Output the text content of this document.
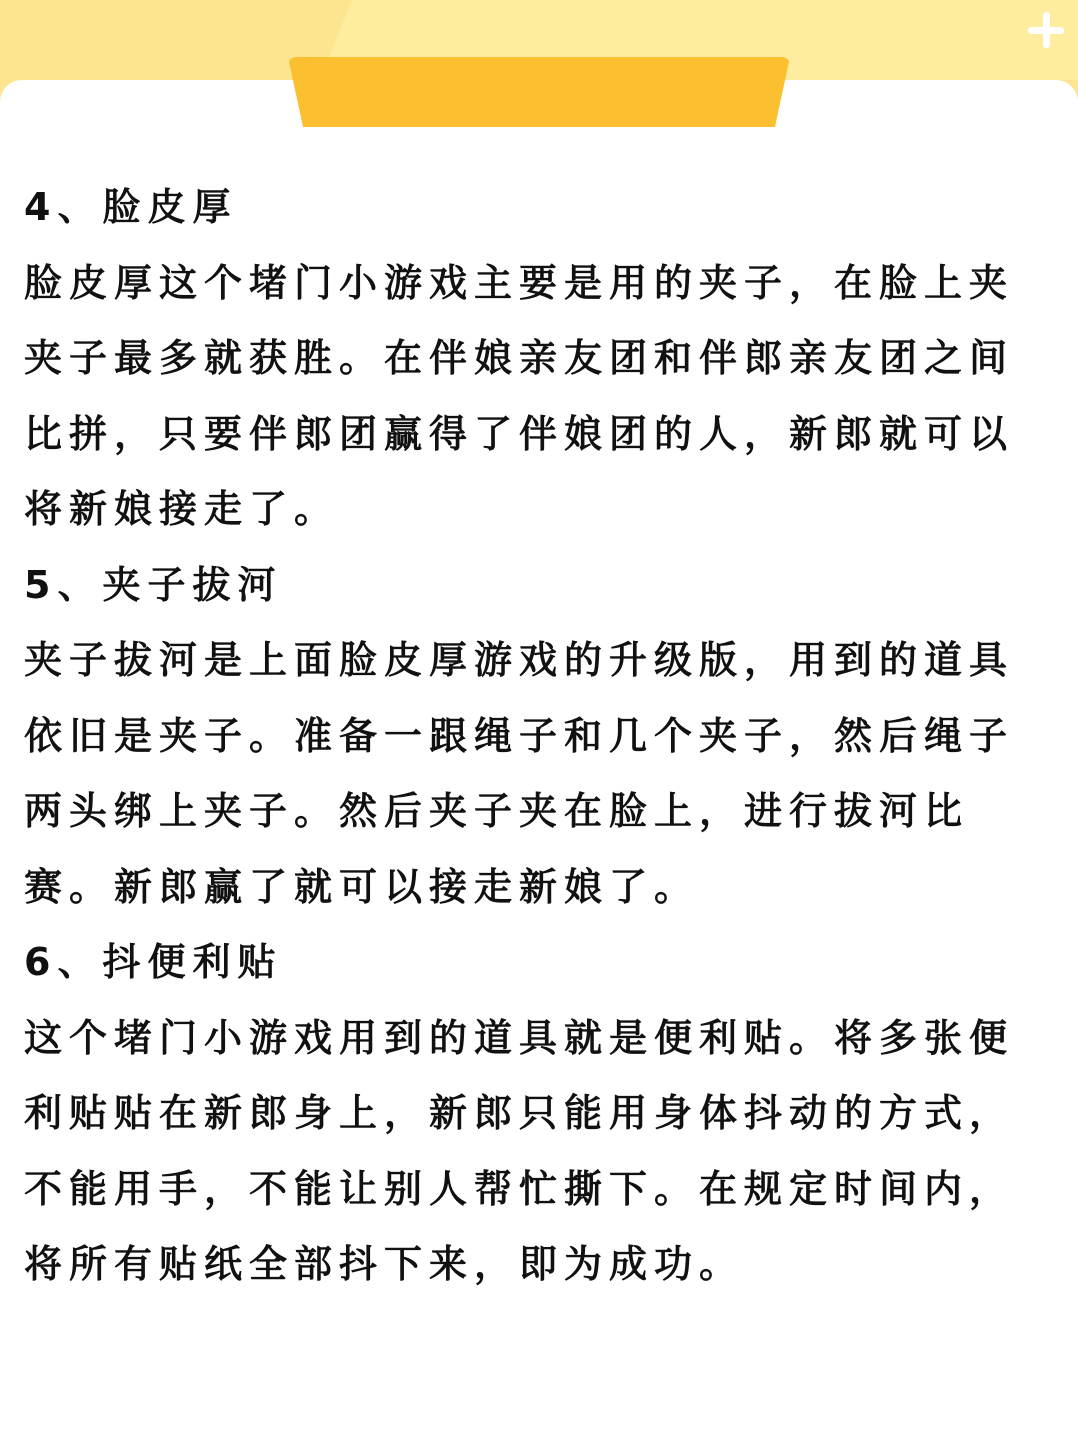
4、脸皮厚

脸皮厚这个堵门小游戏主要是用的夹子，在脸上夹夹子最多就获胜。在伴娘亲友团和伴郎亲友团之间比拼，只要伴郎团赢得了伴娘团的人，新郎就可以将新娘接走了。

5、夹子拔河

夹子拔河是上面脸皮厚游戏的升级版，用到的道具依旧是夹子。准备一跟绳子和几个夹子，然后绳子两头绑上夹子。然后夹子夹在脸上，进行拔河比赛。新郎赢了就可以接走新娘了。

6、抖便利贴

这个堵门小游戏用到的道具就是便利贴。将多张便利贴贴在新郎身上，新郎只能用身体抖动的方式，不能用手，不能让别人帮忙撕下。在规定时间内，将所有贴纸全部抖下来，即为成功。
